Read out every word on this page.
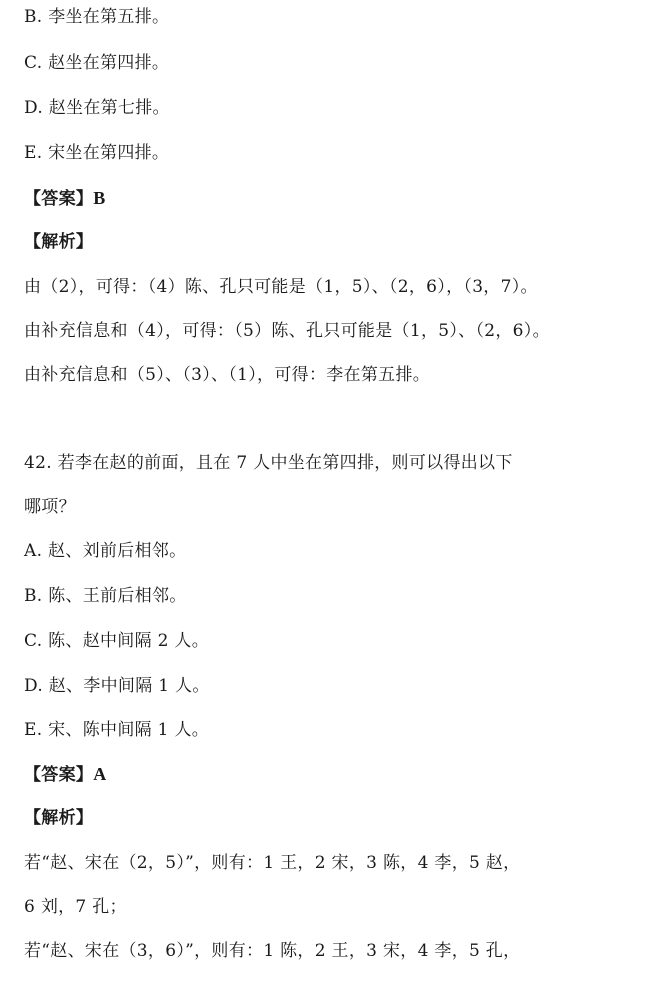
B. 李坐在第五排。
C. 赵坐在第四排。
D. 赵坐在第七排。
E. 宋坐在第四排。
【答案】B
【解析】
由（2），可得：（4）陈、孔只可能是（1，5）、（2，6），（3，7）。
由补充信息和（4），可得：（5）陈、孔只可能是（1，5）、（2，6）。
由补充信息和（5）、（3）、（1），可得：李在第五排。
42. 若李在赵的前面，且在 7 人中坐在第四排，则可以得出以下
哪项？
A. 赵、刘前后相邻。
B. 陈、王前后相邻。
C. 陈、赵中间隔 2 人。
D. 赵、李中间隔 1 人。
E. 宋、陈中间隔 1 人。
【答案】A
【解析】
若“赵、宋在（2，5）”，则有：1 王，2 宋，3 陈，4 李，5 赵，
6 刘，7 孔；
若“赵、宋在（3，6）”，则有：1 陈，2 王，3 宋，4 李，5 孔，
